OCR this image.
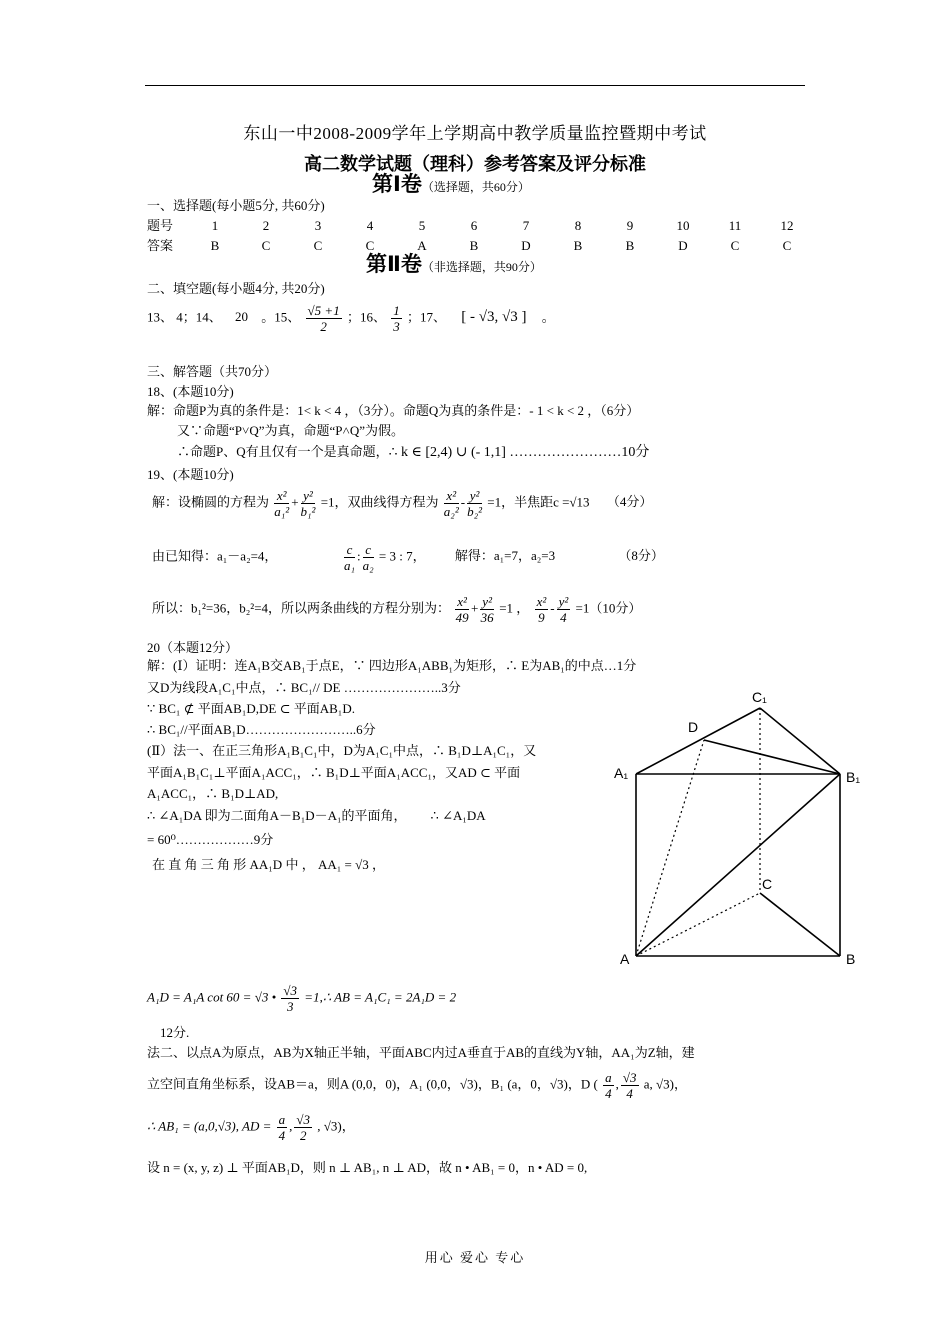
东山一中2008-2009学年上学期高中教学质量监控暨期中考试
高二数学试题（理科）参考答案及评分标准
第Ⅰ卷（选择题，共60分）
一、选择题(每小题5分, 共60分)
题号	1	2	3	4	5	6	7	8	9	10	11	12
答案	B	C	C	C	A	B	D	B	B	D	C	C
第Ⅱ卷（非选择题，共90分）
二、填空题(每小题4分, 共20分)
13、 4；14、 20 。15、 $\frac{√5 +1}{2}$ ；16、 $\frac{1}{3}$ ；17、 [ - √3, √3 ] 。
三、解答题（共70分）
18、(本题10分)
解：命题P为真的条件是：1< k < 4 ，（3分）。命题Q为真的条件是：- 1 < k < 2 ，（6分）
又∵命题“P˅Q”为真，命题“P˄Q”为假。
∴命题P、Q有且仅有一个是真命题，∴ k ∈ [2,4) ∪ (- 1,1] ……………………10分
19、(本题10分)
解：设椭圆的方程为 $\frac{\text{x²}}{\text{a₁²}} + \frac{\text{y²}}{\text{b₁²}} =1$，双曲线得方程为 $\frac{\text{x²}}{\text{a₂²}} - \frac{\text{y²}}{\text{b₂²}} =1$，半焦距c =√13 （4分）
由已知得：a₁－a₂=4，	$\frac{c}{\text{a₁}}$ : $\frac{c}{\text{a₂}} = 3$ : 7， 解得：a₁=7，a₂=3	（8分）
所以：b₁²=36，b₂²=4，所以两条曲线的方程分别为： $\frac{\text{x²}}{49} + \frac{\text{y²}}{36} =1$ ， $\frac{\text{x²}}{9} - \frac{\text{y²}}{4} =1(10$分）
20（本题12分）
解：(Ⅰ）证明：连A₁B交AB₁于点E，∵ 四边形A₁ABB₁为矩形，∴ E为AB₁的中点…1分
又D为线段A₁C₁中点，∴ BC₁// DE …………………..3分
∵ BC₁ ⊄ 平面AB₁D,DE ⊂ 平面AB₁D.
∴ BC₁//平面AB₁D……………………..6分
(Ⅱ）法一、在正三角形A₁B₁C₁中，D为A₁C₁中点，∴ B₁D⊥A₁C₁，又
平面A₁B₁C₁⊥平面A₁ACC₁，∴ B₁D⊥平面A₁ACC₁，又AD ⊂ 平面
A₁ACC₁，∴ B₁D⊥AD,
∴ ∠A₁DA 即为二面角A－B₁D－A₁的平面角， ∴ ∠A₁DA
= 60⁰………………9分
在 直 角 三 角 形 AA₁D 中 ， AA₁ = √3 ，
A₁D = A₁A cot 60 = √3 • $\frac{√3}{3}$ =1,∴ AB = A₁C₁ = 2A₁D = 2
12分.
法二、以点A为原点，AB为X轴正半轴，平面ABC内过A垂直于AB的直线为Y轴，AA₁为Z轴，建
立空间直角坐标系，设AB＝a，则A (0,0，0)，A₁ (0,0，√3)，B₁ (a，0，√3)，D ( $\frac{a}{4}$ , $\frac{√3}{4} a$, √3)，
∴ AB₁ = (a,0,√3), AD = $\frac{a}{4}$ , $\frac{√3}{2}$ , √3)，
设 n = (x, y, z) ⊥ 平面AB₁D，则 n ⊥ AB₁, n ⊥ AD，故 n • AB₁ = 0，n • AD = 0,
C₁
D
A₁	B₁
C
A	B
用心 爱心 专心
